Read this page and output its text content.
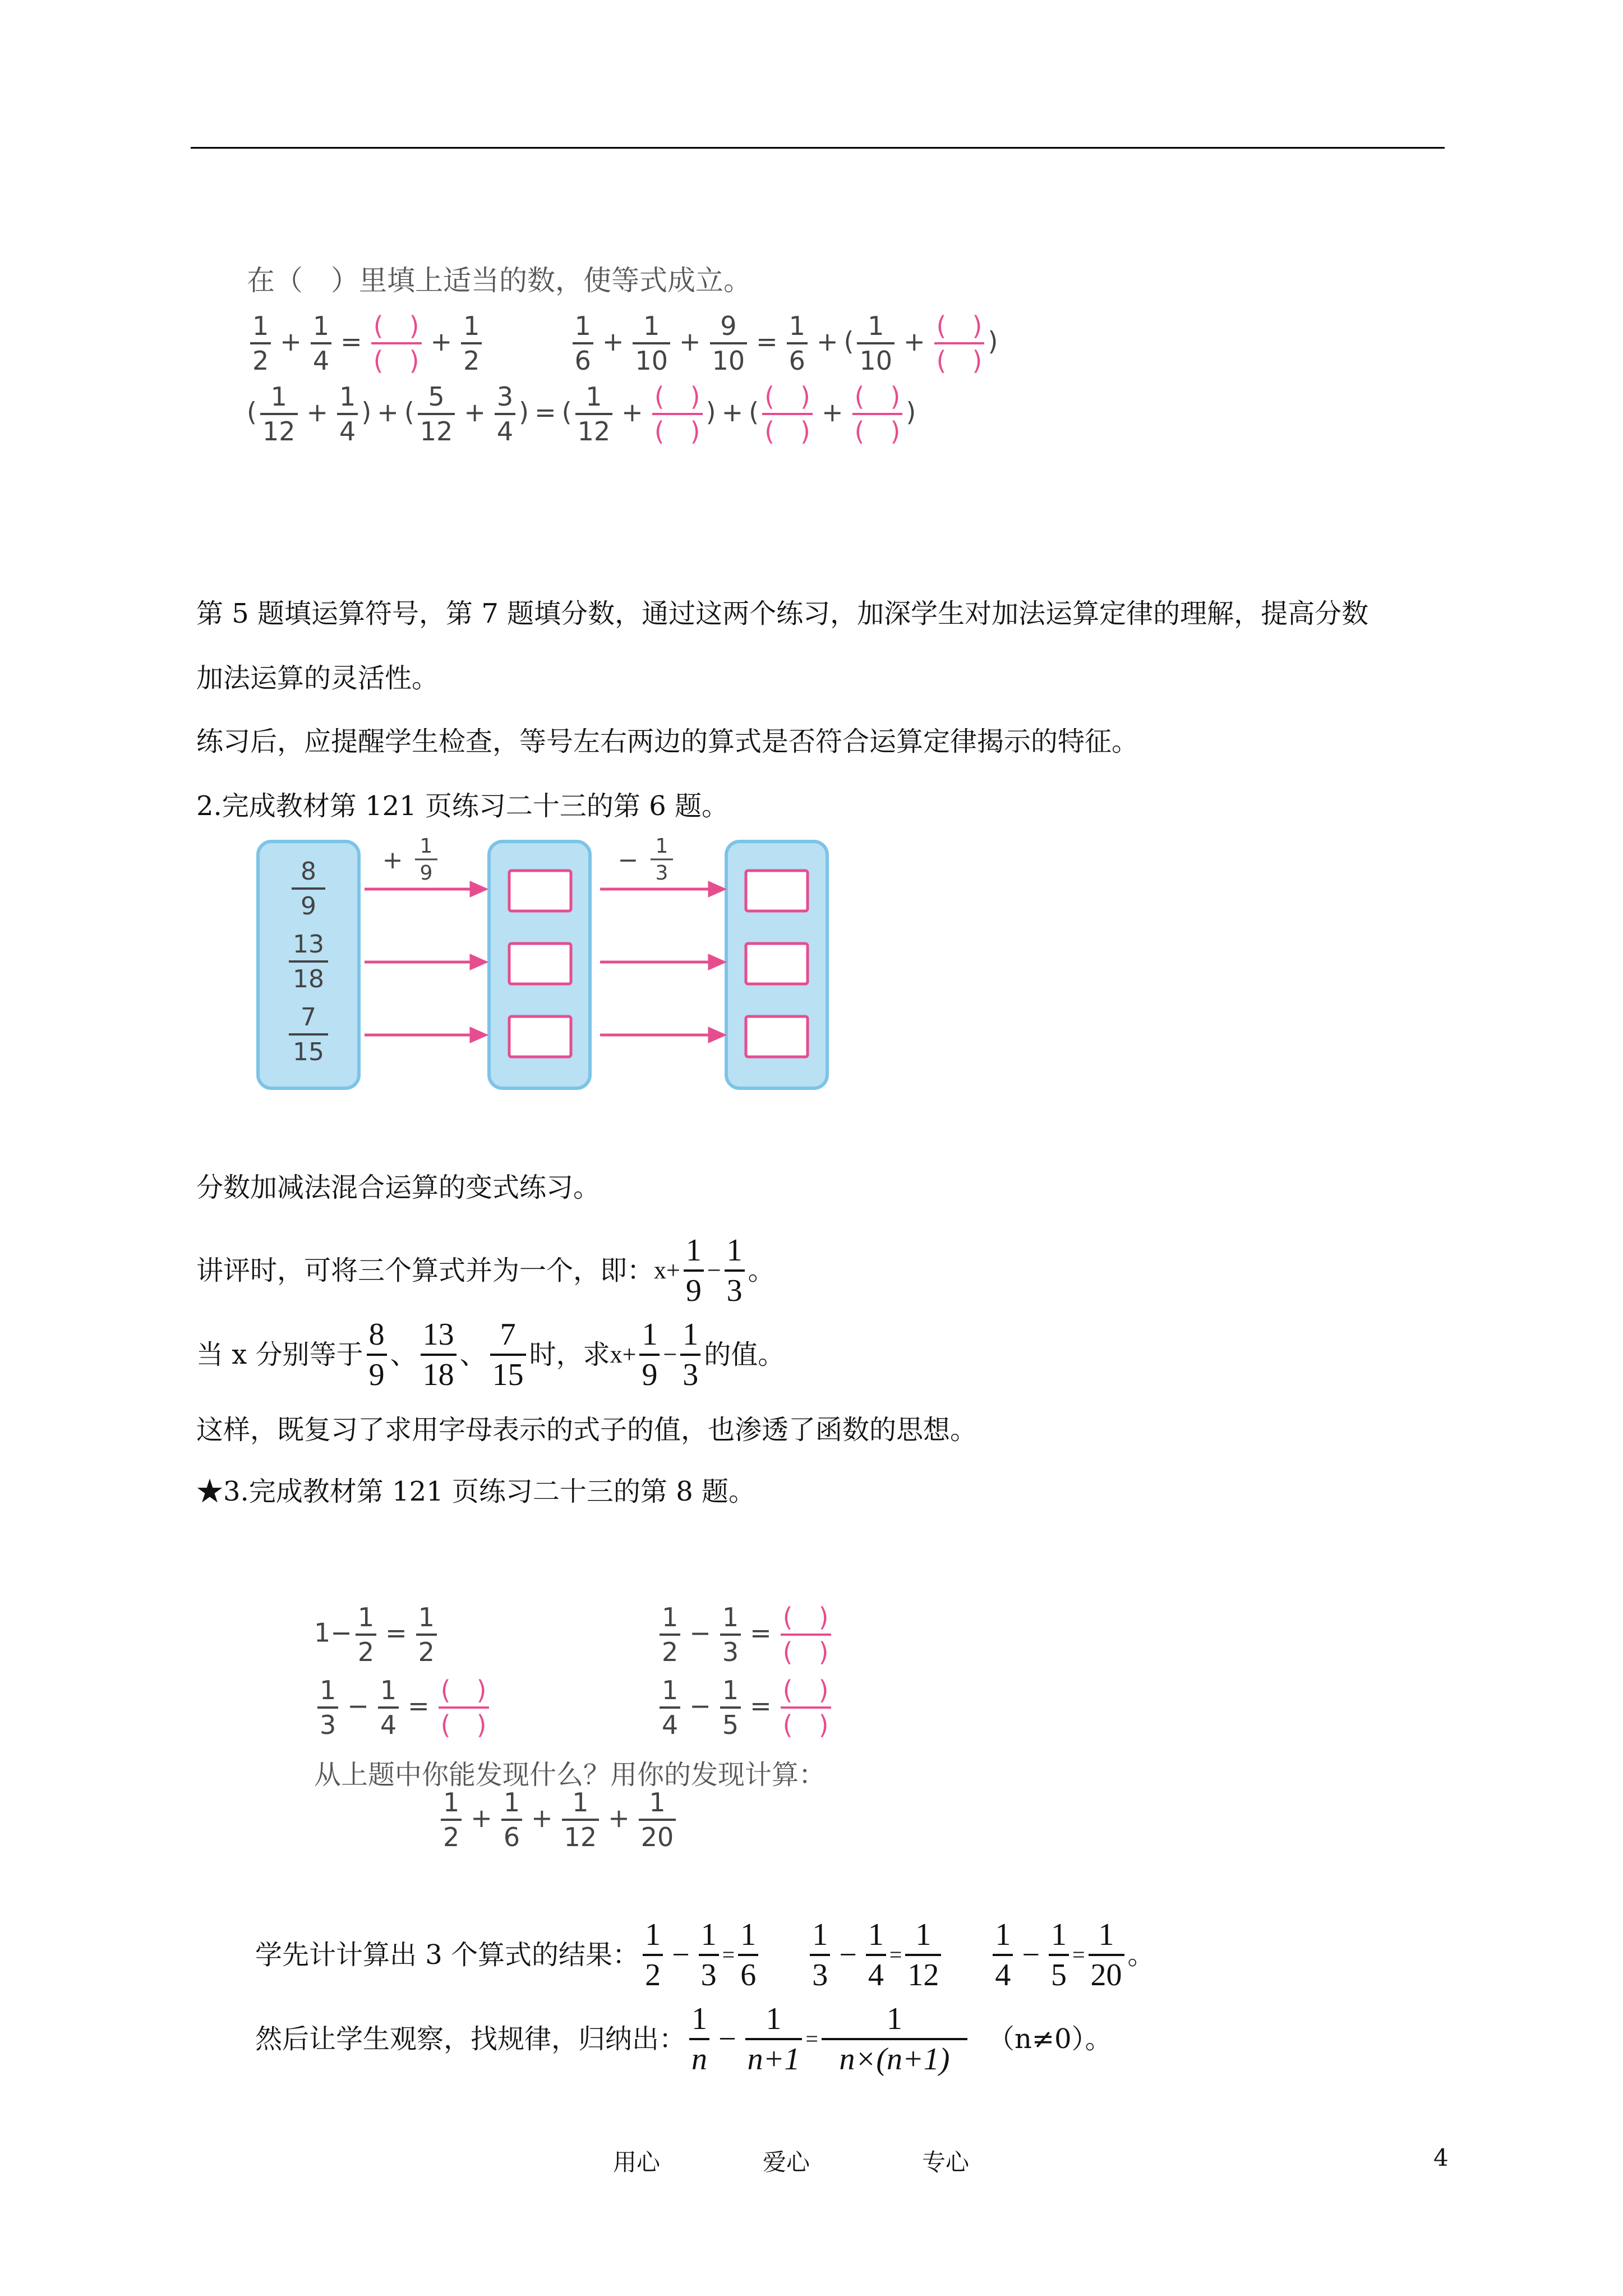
在（　）里填上适当的数，使等式成立。
$\frac{1}{2} + \frac{1}{4}$ =
(　)
(　)
+ $\frac{1}{2}$
	$\frac{1}{6} + \frac{1}{10} + \frac{9}{10} = \frac{1}{6}$ + ( $\frac{1}{10}$ +
(　)
(　)
)
( $\frac{1}{12} + \frac{1}{4}$ ) + ( $\frac{5}{12} + \frac{3}{4}$ ) = ( $\frac{1}{12}$ +
(　)
(　)
) + (
(　)
(　)
+
(　)
(　)
)
第 5 题填运算符号，第 7 题填分数，通过这两个练习，加深学生对加法运算定律的理解，提高分数
加法运算的灵活性。
练习后，应提醒学生检查，等号左右两边的算式是否符合运算定律揭示的特征。
2.完成教材第 121 页练习二十三的第 6 题。
8
9
13
18
7
15
+ 1
9	− 1
3
分数加减法混合运算的变式练习。
讲评时，可将三个算式并为一个，即： x +
1
9
−
1
3
。
当 x 分别等于
8
9
、
13
18
、
7
15
时，求 x +
1
9
−
1
3
的值。
这样，既复习了求用字母表示的式子的值，也渗透了函数的思想。
★3.完成教材第 121 页练习二十三的第 8 题。
$1- \frac{1}{2} = \frac{1}{2}$	$\frac{1}{2} - \frac{1}{3}$ =
(　)
(　)
$\frac{1}{3} - \frac{1}{4}$ =
(　)
(　)	$\frac{1}{4} - \frac{1}{5}$ =
(　)
(　)
从上题中你能发现什么？用你的发现计算：
$\frac{1}{2} + \frac{1}{6} + \frac{1}{12} + \frac{1}{20}$
学先计计算出 3 个算式的结果：
1
2
−
1
3
=
1
6
1
3
−
1
4
=
1
12
1
4
−
1
5
=
1
20
。
然后让学生观察，找规律，归纳出：
1
n
−
1
n+1
=
1
n×(n+1)
（n≠0）。
用心	爱心	专心	4
